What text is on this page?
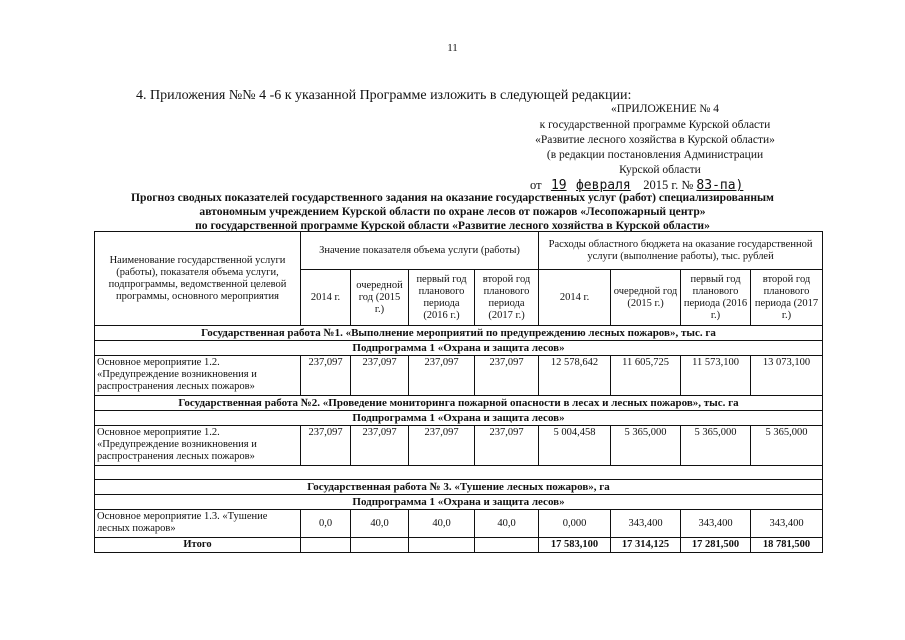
11
4. Приложения №№ 4 -6 к указанной Программе изложить в следующей редакции:
«ПРИЛОЖЕНИЕ № 4
к государственной программе Курской области
«Развитие лесного хозяйства в Курской области»
(в редакции постановления Администрации
Курской области
от 19 февраля 2015 г. № 83-па)
Прогноз сводных показателей государственного задания на оказание государственных услуг (работ) специализированным
автономным учреждением Курской области по охране лесов от пожаров «Лесопожарный центр»
по государственной программе Курской области «Развитие лесного хозяйства в Курской области»
Наименование государственной услуги (работы), показателя объема услуги, подпрограммы, ведомственной целевой программы, основного мероприятия	Значение показателя объема услуги (работы)				Расходы областного бюджета на оказание государственной услуги (выполнение работы), тыс. рублей			
	2014 г.	очередной год (2015 г.)	первый год планового периода (2016 г.)	второй год планового периода (2017 г.)	2014 г.	очередной год (2015 г.)	первый год планового периода (2016 г.)	второй год планового периода (2017 г.)
Государственная работа №1. «Выполнение мероприятий по предупреждению лесных пожаров», тыс. га								
Подпрограмма 1 «Охрана и защита лесов»								
Основное мероприятие 1.2. «Предупреждение возникновения и распространения лесных пожаров»	237,097	237,097	237,097	237,097	12 578,642	11 605,725	11 573,100	13 073,100
Государственная работа №2. «Проведение мониторинга пожарной опасности в лесах и лесных пожаров», тыс. га								
Подпрограмма 1 «Охрана и защита лесов»								
Основное мероприятие 1.2. «Предупреждение возникновения и распространения лесных пожаров»	237,097	237,097	237,097	237,097	5 004,458	5 365,000	5 365,000	5 365,000

Государственная работа № 3. «Тушение лесных пожаров», га								
Подпрограмма 1 «Охрана и защита лесов»								
Основное мероприятие 1.3. «Тушение лесных пожаров»	0,0	40,0	40,0	40,0	0,000	343,400	343,400	343,400
Итого					17 583,100	17 314,125	17 281,500	18 781,500
